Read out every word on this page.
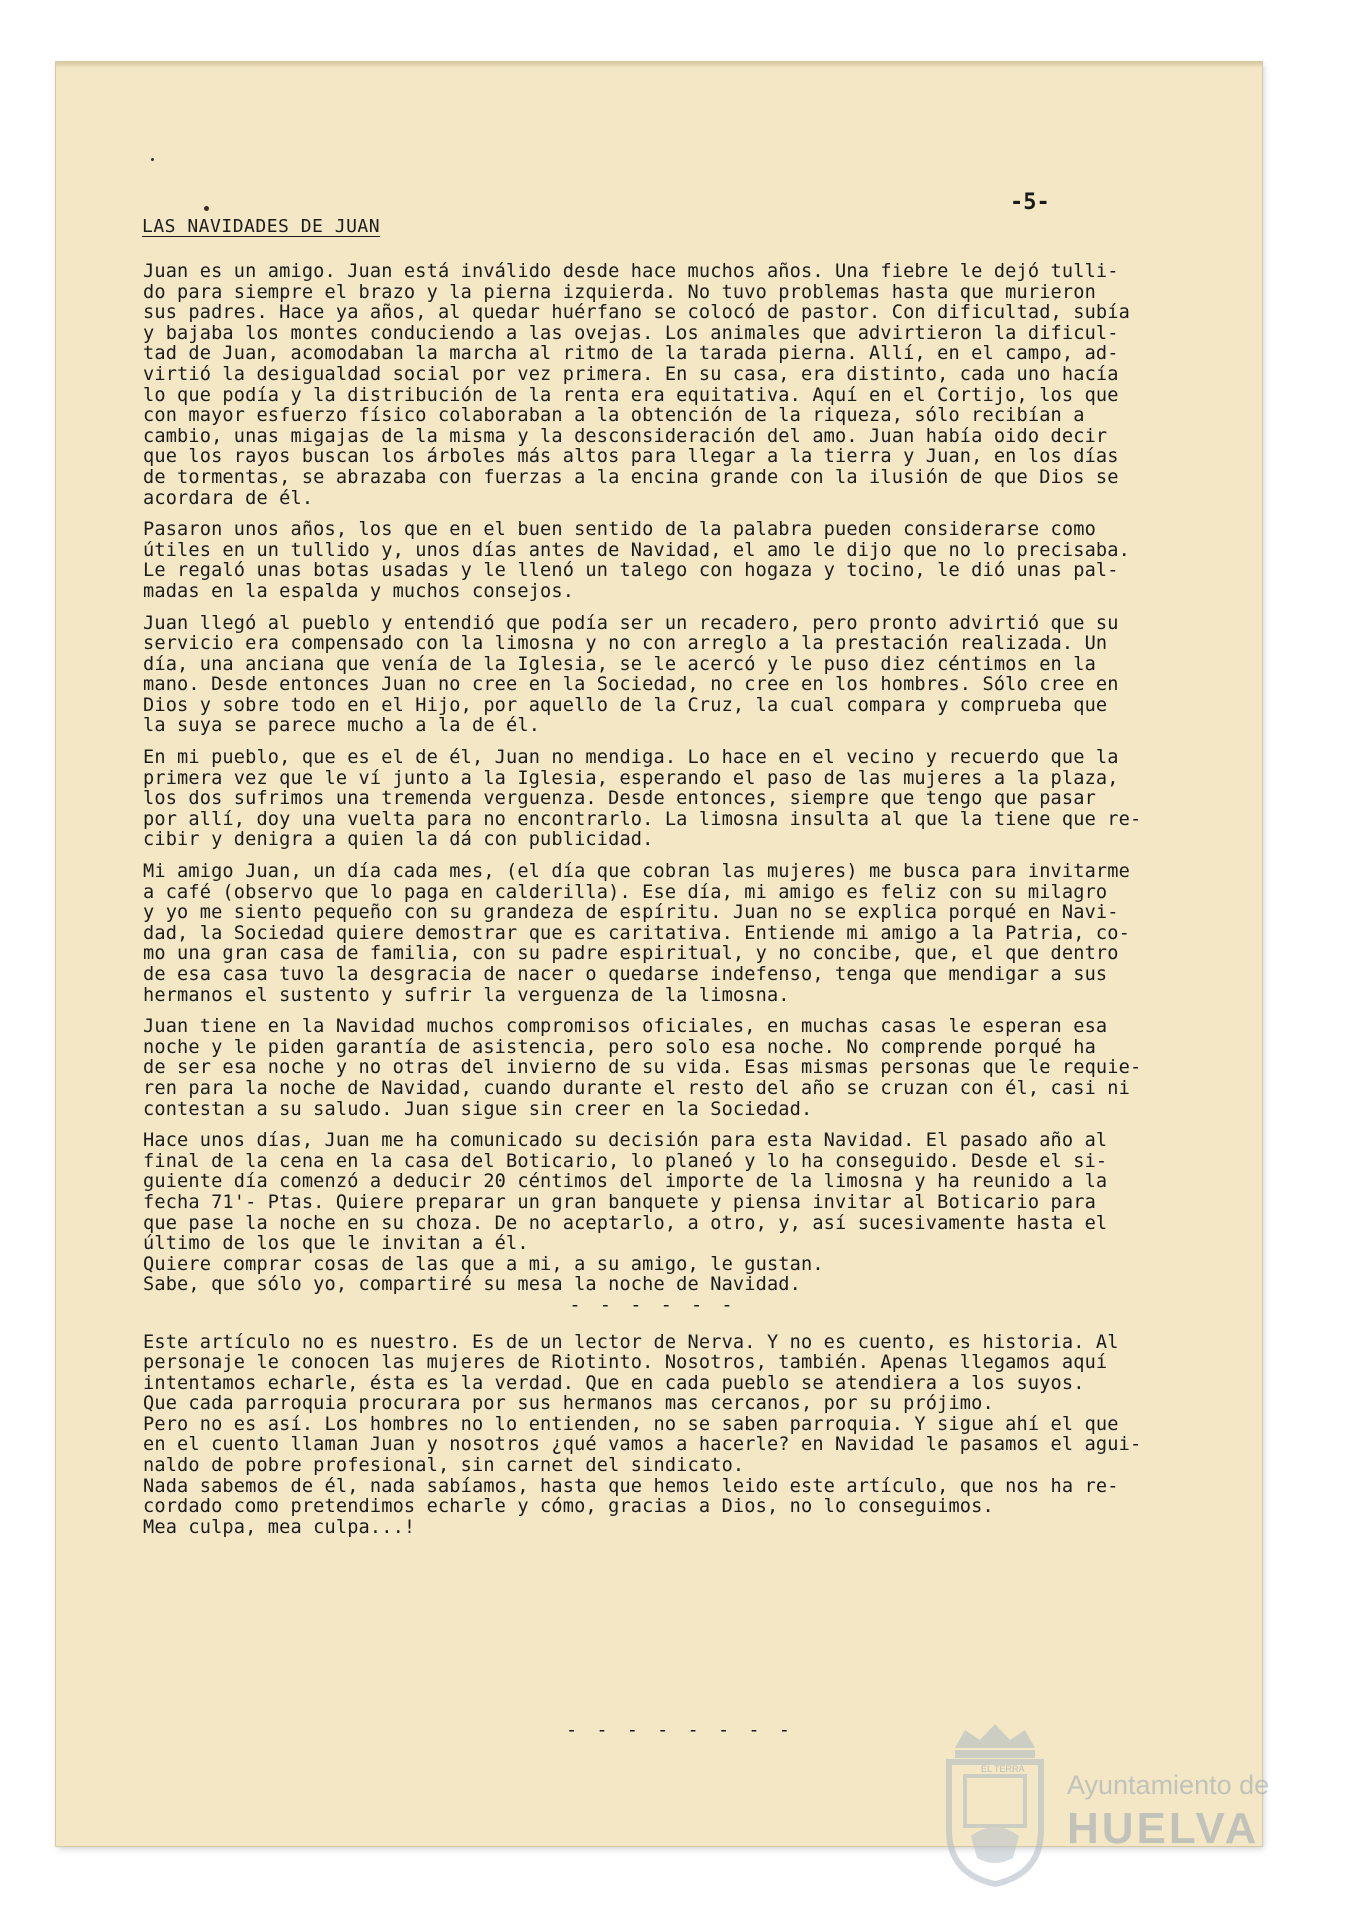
-5-
LAS NAVIDADES DE JUAN

Juan es un amigo. Juan está inválido desde hace muchos años. Una fiebre le dejó tulli-
do para siempre el brazo y la pierna izquierda. No tuvo problemas hasta que murieron
sus padres. Hace ya años, al quedar huérfano se colocó de pastor. Con dificultad, subía
y bajaba los montes conduciendo a las ovejas. Los animales que advirtieron la dificul-
tad de Juan, acomodaban la marcha al ritmo de la tarada pierna. Allí, en el campo, ad-
virtió la desigualdad social por vez primera. En su casa, era distinto, cada uno hacía
lo que podía y la distribución de la renta era equitativa. Aquí en el Cortijo, los que
con mayor esfuerzo físico colaboraban a la obtención de la riqueza, sólo recibían a
cambio, unas migajas de la misma y la desconsideración del amo. Juan había oido decir
que los rayos buscan los árboles más altos para llegar a la tierra y Juan, en los días
de tormentas, se abrazaba con fuerzas a la encina grande con la ilusión de que Dios se
acordara de él.

Pasaron unos años, los que en el buen sentido de la palabra pueden considerarse como
útiles en un tullido y, unos días antes de Navidad, el amo le dijo que no lo precisaba.
Le regaló unas botas usadas y le llenó un talego con hogaza y tocino, le dió unas pal-
madas en la espalda y muchos consejos.

Juan llegó al pueblo y entendió que podía ser un recadero, pero pronto advirtió que su
servicio era compensado con la limosna y no con arreglo a la prestación realizada. Un
día, una anciana que venía de la Iglesia, se le acercó y le puso diez céntimos en la
mano. Desde entonces Juan no cree en la Sociedad, no cree en los hombres. Sólo cree en
Dios y sobre todo en el Hijo, por aquello de la Cruz, la cual compara y comprueba que
la suya se parece mucho a la de él.

En mi pueblo, que es el de él, Juan no mendiga. Lo hace en el vecino y recuerdo que la
primera vez que le ví junto a la Iglesia, esperando el paso de las mujeres a la plaza,
los dos sufrimos una tremenda verguenza. Desde entonces, siempre que tengo que pasar
por allí, doy una vuelta para no encontrarlo. La limosna insulta al que la tiene que re-
cibir y denigra a quien la dá con publicidad.

Mi amigo Juan, un día cada mes, (el día que cobran las mujeres) me busca para invitarme
a café (observo que lo paga en calderilla). Ese día, mi amigo es feliz con su milagro
y yo me siento pequeño con su grandeza de espíritu. Juan no se explica porqué en Navi-
dad, la Sociedad quiere demostrar que es caritativa. Entiende mi amigo a la Patria, co-
mo una gran casa de familia, con su padre espiritual, y no concibe, que, el que dentro
de esa casa tuvo la desgracia de nacer o quedarse indefenso, tenga que mendigar a sus
hermanos el sustento y sufrir la verguenza de la limosna.

Juan tiene en la Navidad muchos compromisos oficiales, en muchas casas le esperan esa
noche y le piden garantía de asistencia, pero solo esa noche. No comprende porqué ha
de ser esa noche y no otras del invierno de su vida. Esas mismas personas que le requie-
ren para la noche de Navidad, cuando durante el resto del año se cruzan con él, casi ni
contestan a su saludo. Juan sigue sin creer en la Sociedad.

Hace unos días, Juan me ha comunicado su decisión para esta Navidad. El pasado año al
final de la cena en la casa del Boticario, lo planeó y lo ha conseguido. Desde el si-
guiente día comenzó a deducir 20 céntimos del importe de la limosna y ha reunido a la
fecha 71'- Ptas. Quiere preparar un gran banquete y piensa invitar al Boticario para
que pase la noche en su choza. De no aceptarlo, a otro, y, así sucesivamente hasta el
último de los que le invitan a él.
Quiere comprar cosas de las que a mi, a su amigo, le gustan.
Sabe, que sólo yo, compartiré su mesa la noche de Navidad.

- - - - - -

Este artículo no es nuestro. Es de un lector de Nerva. Y no es cuento, es historia. Al
personaje le conocen las mujeres de Riotinto. Nosotros, también. Apenas llegamos aquí
intentamos echarle, ésta es la verdad. Que en cada pueblo se atendiera a los suyos.
Que cada parroquia procurara por sus hermanos mas cercanos, por su prójimo.
Pero no es así. Los hombres no lo entienden, no se saben parroquia. Y sigue ahí el que
en el cuento llaman Juan y nosotros ¿qué vamos a hacerle? en Navidad le pasamos el agui-
naldo de pobre profesional, sin carnet del sindicato.
Nada sabemos de él, nada sabíamos, hasta que hemos leido este artículo, que nos ha re-
cordado como pretendimos echarle y cómo, gracias a Dios, no lo conseguimos.
Mea culpa, mea culpa...!

- - - - - - - -
EL TERRA
Ayuntamiento de
HUELVA
